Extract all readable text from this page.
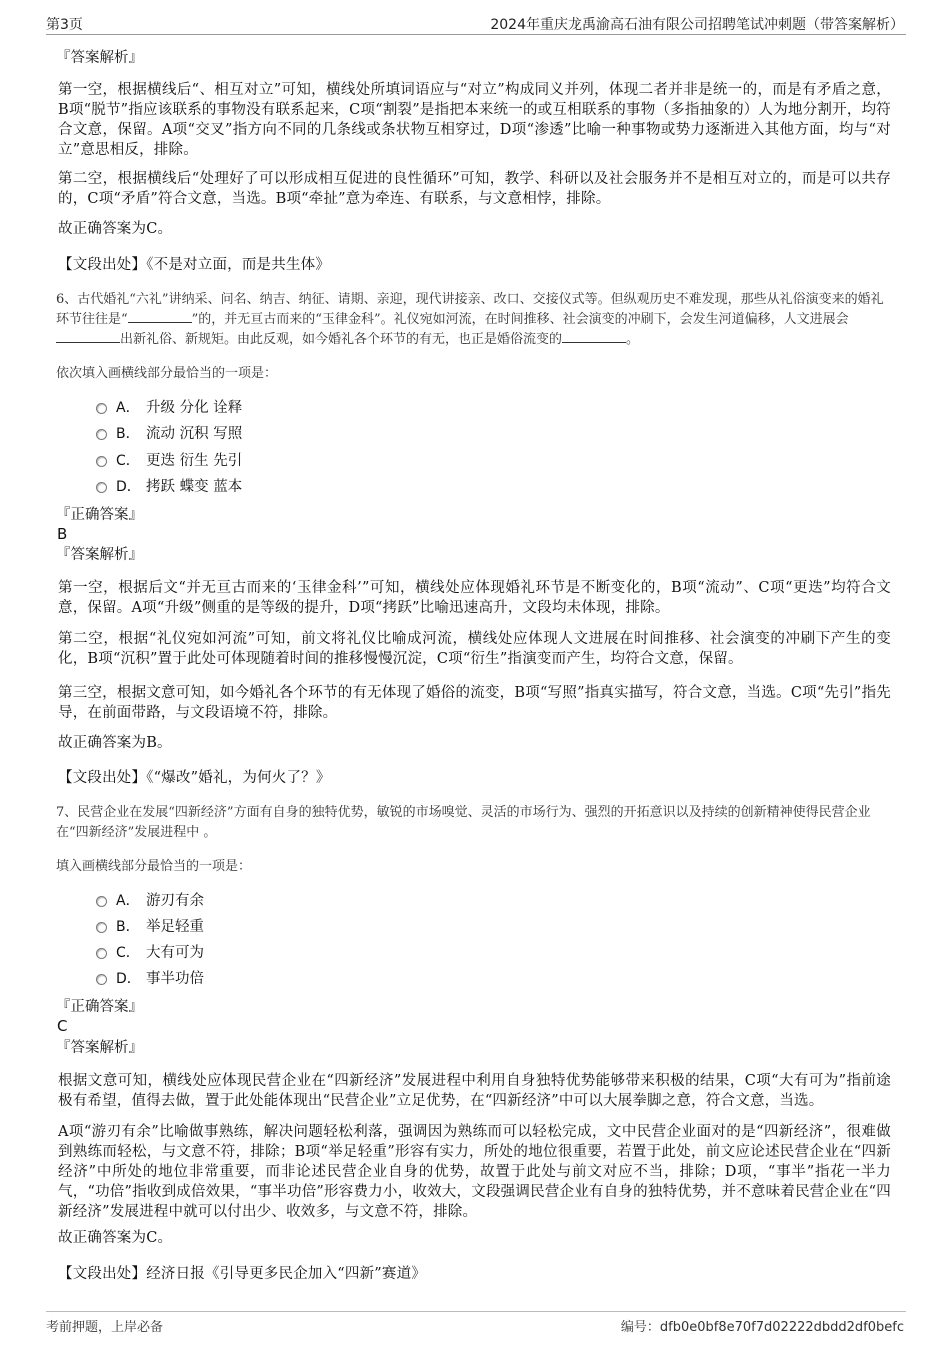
第3页	2024年重庆龙禹渝高石油有限公司招聘笔试冲刺题（带答案解析）
『答案解析』
第一空，根据横线后“、相互对立”可知，横线处所填词语应与“对立”构成同义并列，体现二者并非是统一的，而是有矛盾之意，B项“脱节”指应该联系的事物没有联系起来，C项“割裂”是指把本来统一的或互相联系的事物（多指抽象的）人为地分割开，均符合文意，保留。A项“交叉”指方向不同的几条线或条状物互相穿过，D项“渗透”比喻一种事物或势力逐渐进入其他方面，均与“对立”意思相反，排除。
第二空，根据横线后“处理好了可以形成相互促进的良性循环”可知，教学、科研以及社会服务并不是相互对立的，而是可以共存的，C项“矛盾”符合文意，当选。B项“牵扯”意为牵连、有联系，与文意相悖，排除。
故正确答案为C。
【文段出处】《不是对立面，而是共生体》
6、古代婚礼“六礼”讲纳采、问名、纳吉、纳征、请期、亲迎，现代讲接亲、改口、交接仪式等。但纵观历史不难发现，那些从礼俗演变来的婚礼环节往往是“	”的，并无亘古而来的“玉律金科”。礼仪宛如河流，在时间推移、社会演变的冲刷下，会发生河道偏移，人文进展会出新礼俗、新规矩。由此反观，如今婚礼各个环节的有无，也正是婚俗流变的	。
依次填入画横线部分最恰当的一项是：
A． 升级 分化 诠释
B． 流动 沉积 写照
C． 更迭 衍生 先引
D． 拷跃 蝶变 蓝本
『正确答案』
B
『答案解析』
第一空，根据后文“并无亘古而来的‘玉律金科’”可知，横线处应体现婚礼环节是不断变化的，B项“流动”、C项“更迭”均符合文意，保留。A项“升级”侧重的是等级的提升，D项“拷跃”比喻迅速高升，文段均未体现，排除。
第二空，根据“礼仪宛如河流”可知，前文将礼仪比喻成河流，横线处应体现人文进展在时间推移、社会演变的冲刷下产生的变化，B项“沉积”置于此处可体现随着时间的推移慢慢沉淀，C项“衍生”指演变而产生，均符合文意，保留。
第三空，根据文意可知，如今婚礼各个环节的有无体现了婚俗的流变，B项“写照”指真实描写，符合文意，当选。C项“先引”指先导，在前面带路，与文段语境不符，排除。
故正确答案为B。
【文段出处】《“爆改”婚礼，为何火了？》
7、民营企业在发展“四新经济”方面有自身的独特优势，敏锐的市场嗅觉、灵活的市场行为、强烈的开拓意识以及持续的创新精神使得民营企业在“四新经济”发展进程中 。
填入画横线部分最恰当的一项是：
A． 游刃有余
B． 举足轻重
C． 大有可为
D． 事半功倍
『正确答案』
C
『答案解析』
根据文意可知，横线处应体现民营企业在“四新经济”发展进程中利用自身独特优势能够带来积极的结果，C项“大有可为”指前途极有希望，值得去做，置于此处能体现出“民营企业”立足优势，在“四新经济”中可以大展拳脚之意，符合文意，当选。
A项“游刃有余”比喻做事熟练，解决问题轻松利落，强调因为熟练而可以轻松完成，文中民营企业面对的是“四新经济”，很难做到熟练而轻松，与文意不符，排除；B项“举足轻重”形容有实力，所处的地位很重要，若置于此处，前文应论述民营企业在“四新经济”中所处的地位非常重要，而非论述民营企业自身的优势，故置于此处与前文对应不当，排除；D项，“事半”指花一半力气，“功倍”指收到成倍效果，“事半功倍”形容费力小，收效大，文段强调民营企业有自身的独特优势，并不意味着民营企业在“四新经济”发展进程中就可以付出少、收效多，与文意不符，排除。
故正确答案为C。
【文段出处】经济日报《引导更多民企加入“四新”赛道》
考前押题，上岸必备	编号：dfb0e0bf8e70f7d02222dbdd2df0befc
